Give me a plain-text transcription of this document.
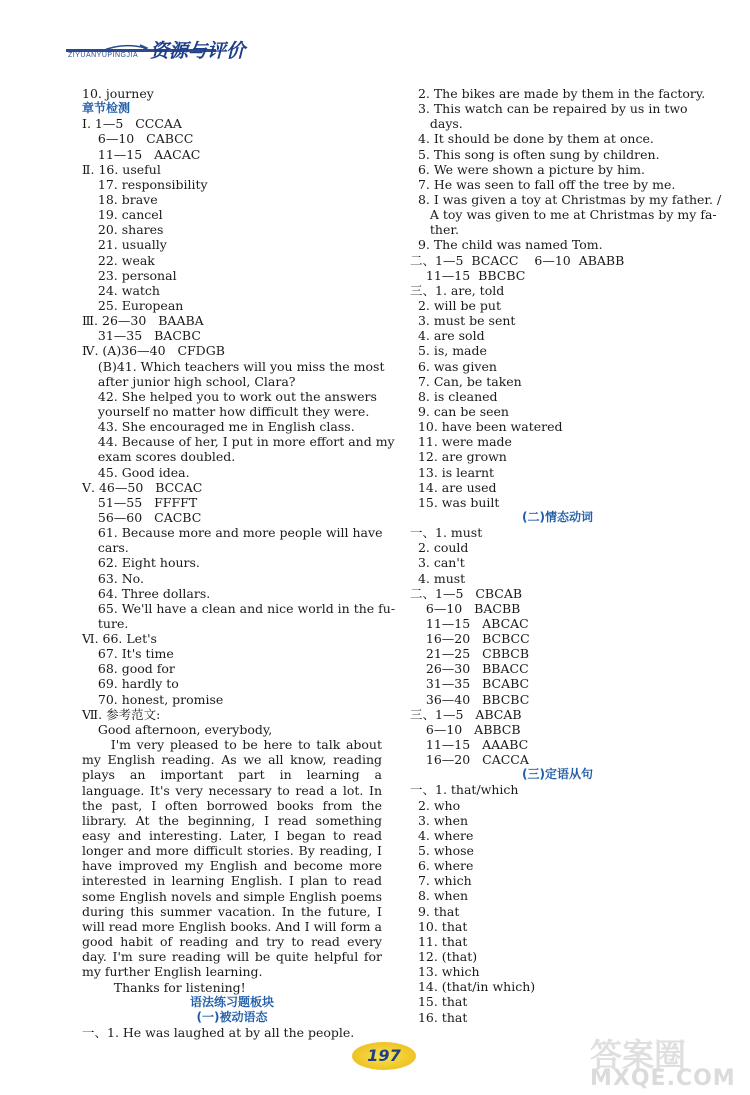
ZIYUANYUPINGJIA 资源与评价
10. journey
章节检测
Ⅰ. 1—5   CCCAA
6—10   CABCC
11—15   AACAC
Ⅱ. 16. useful
17. responsibility
18. brave
19. cancel
20. shares
21. usually
22. weak
23. personal
24. watch
25. European
Ⅲ. 26—30   BAABA
31—35   BACBC
Ⅳ. (A)36—40   CFDGB
(B)41. Which teachers will you miss the most
after junior high school, Clara?
42. She helped you to work out the answers
yourself no matter how difficult they were.
43. She encouraged me in English class.
44. Because of her, I put in more effort and my
exam scores doubled.
45. Good idea.
Ⅴ. 46—50   BCCAC
51—55   FFFFT
56—60   CACBC
61. Because more and more people will have
cars.
62. Eight hours.
63. No.
64. Three dollars.
65. We'll have a clean and nice world in the fu-
ture.
Ⅵ. 66. Let's
67. It's time
68. good for
69. hardly to
70. honest, promise
Ⅶ. 参考范文:
Good afternoon, everybody,
I'm very pleased to be here to talk about my English reading. As we all know, reading plays an important part in learning a language. It's very necessary to read a lot. In the past, I often borrowed books from the library. At the beginning, I read something easy and interesting. Later, I began to read longer and more difficult stories. By reading, I have improved my English and become more interested in learning English. I plan to read some English novels and simple English poems during this summer vacation. In the future, I will read more English books. And I will form a good habit of reading and try to read every day. I'm sure reading will be quite helpful for my further English learning.
Thanks for listening!
语法练习题板块
(一)被动语态
一、1. He was laughed at by all the people.
2. The bikes are made by them in the factory.
3. This watch can be repaired by us in two
days.
4. It should be done by them at once.
5. This song is often sung by children.
6. We were shown a picture by him.
7. He was seen to fall off the tree by me.
8. I was given a toy at Christmas by my father. /
A toy was given to me at Christmas by my fa-
ther.
9. The child was named Tom.
二、1—5  BCACC    6—10  ABABB
11—15  BBCBC
三、1. are, told
2. will be put
3. must be sent
4. are sold
5. is, made
6. was given
7. Can, be taken
8. is cleaned
9. can be seen
10. have been watered
11. were made
12. are grown
13. is learnt
14. are used
15. was built
(二)情态动词
一、1. must
2. could
3. can't
4. must
二、1—5   CBCAB
6—10   BACBB
11—15   ABCAC
16—20   BCBCC
21—25   CBBCB
26—30   BBACC
31—35   BCABC
36—40   BBCBC
三、1—5   ABCAB
6—10   ABBCB
11—15   AAABC
16—20   CACCA
(三)定语从句
一、1. that/which
2. who
3. when
4. where
5. whose
6. where
7. which
8. when
9. that
10. that
11. that
12. (that)
13. which
14. (that/in which)
15. that
16. that
197	答案圈
MXQE.COM
